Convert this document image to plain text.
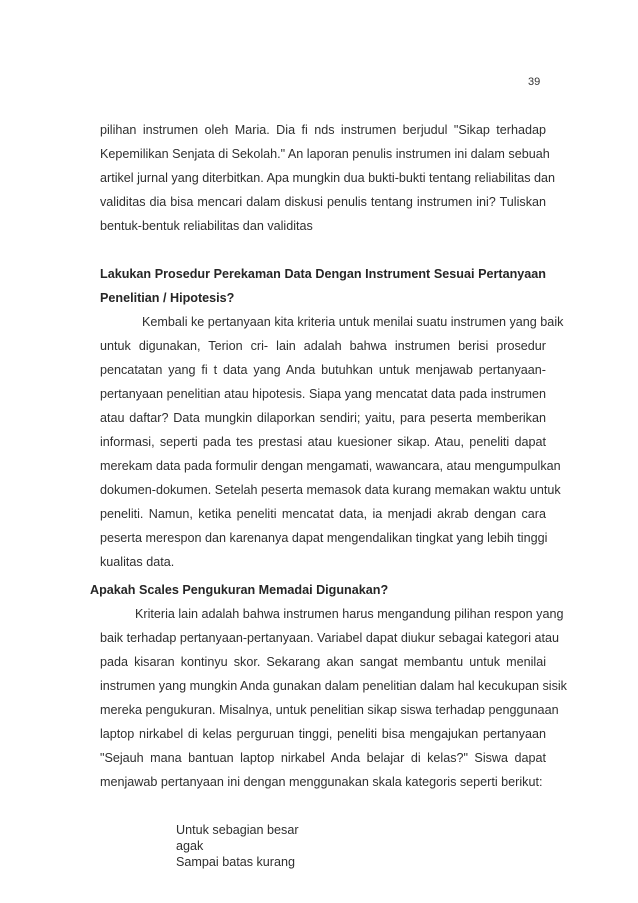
39
pilihan instrumen oleh Maria. Dia fi nds instrumen berjudul "Sikap terhadap
Kepemilikan Senjata di Sekolah." An laporan penulis instrumen ini dalam sebuah
artikel jurnal yang diterbitkan. Apa mungkin dua bukti-bukti tentang reliabilitas dan
validitas dia bisa mencari dalam diskusi penulis tentang instrumen ini? Tuliskan
bentuk-bentuk reliabilitas dan validitas
Lakukan Prosedur Perekaman Data Dengan Instrument Sesuai Pertanyaan
Penelitian / Hipotesis?
Kembali ke pertanyaan kita kriteria untuk menilai suatu instrumen yang baik
untuk digunakan, Terion cri- lain adalah bahwa instrumen berisi prosedur
pencatatan yang fi t data yang Anda butuhkan untuk menjawab pertanyaan-
pertanyaan penelitian atau hipotesis. Siapa yang mencatat data pada instrumen
atau daftar? Data mungkin dilaporkan sendiri; yaitu, para peserta memberikan
informasi, seperti pada tes prestasi atau kuesioner sikap. Atau, peneliti dapat
merekam data pada formulir dengan mengamati, wawancara, atau mengumpulkan
dokumen-dokumen. Setelah peserta memasok data kurang memakan waktu untuk
peneliti. Namun, ketika peneliti mencatat data, ia menjadi akrab dengan cara
peserta merespon dan karenanya dapat mengendalikan tingkat yang lebih tinggi
kualitas data.
Apakah Scales Pengukuran Memadai Digunakan?
Kriteria lain adalah bahwa instrumen harus mengandung pilihan respon yang
baik terhadap pertanyaan-pertanyaan. Variabel dapat diukur sebagai kategori atau
pada kisaran kontinyu skor. Sekarang akan sangat membantu untuk menilai
instrumen yang mungkin Anda gunakan dalam penelitian dalam hal kecukupan sisik
mereka pengukuran. Misalnya, untuk penelitian sikap siswa terhadap penggunaan
laptop nirkabel di kelas perguruan tinggi, peneliti bisa mengajukan pertanyaan
"Sejauh mana bantuan laptop nirkabel Anda belajar di kelas?" Siswa dapat
menjawab pertanyaan ini dengan menggunakan skala kategoris seperti berikut:
Untuk sebagian besar
agak
Sampai batas kurang
